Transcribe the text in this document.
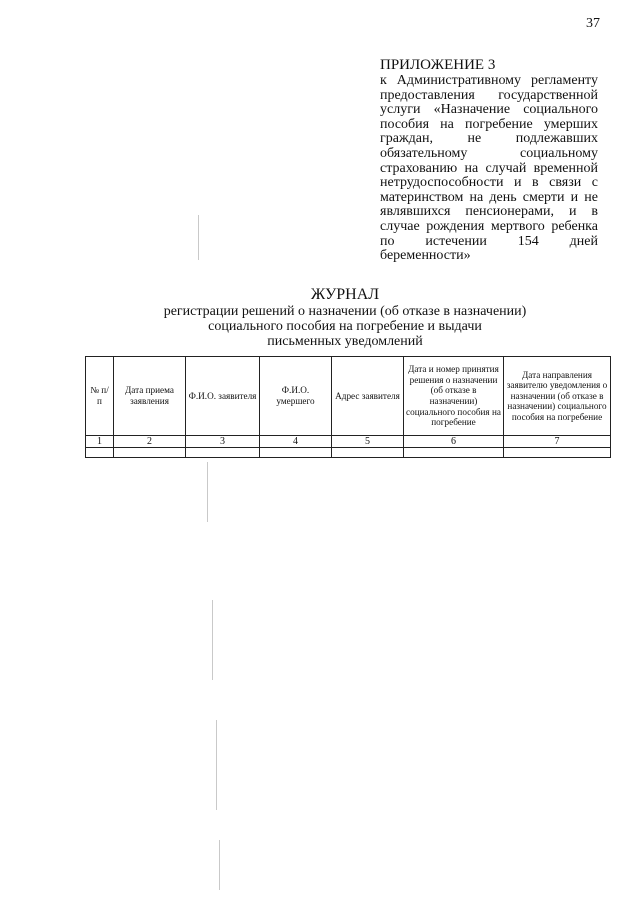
37
ПРИЛОЖЕНИЕ 3
к Административному регламенту предоставления государственной услуги «Назначение социального пособия на погребение умерших граждан, не подлежавших обязательному социальному страхованию на случай временной нетрудоспособности и в связи с материнством на день смерти и не являвшихся пенсионерами, и в случае рождения мертвого ребенка по истечении 154 дней беременности»
ЖУРНАЛ
регистрации решений о назначении (об отказе в назначении)
социального пособия на погребение и выдачи
письменных уведомлений
№ п/п	Дата приема заявления	Ф.И.О. заявителя	Ф.И.О. умершего	Адрес заявителя	Дата и номер принятия решения о назначении (об отказе в назначении) социального пособия на погребение	Дата направления заявителю уведомления о назначении (об отказе в назначении) социального пособия на погребение
1	2	3	4	5	6	7
